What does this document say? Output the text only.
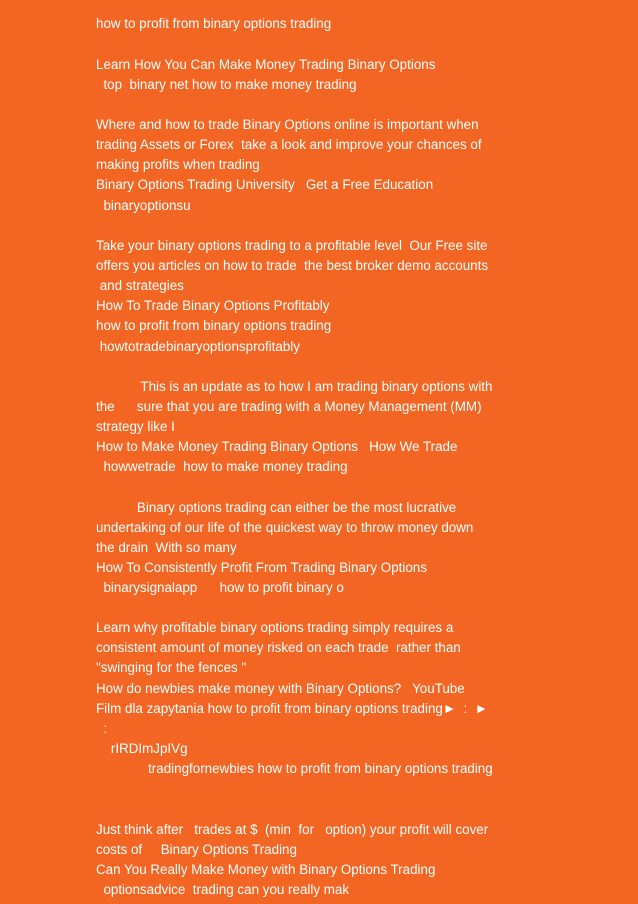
how to profit from binary options trading
Learn How You Can Make Money Trading Binary Options
top  binary net how to make money trading
Where and how to trade Binary Options online is important when
trading Assets or Forex  take a look and improve your chances of
making profits when trading
Binary Options Trading University   Get a Free Education
binaryoptionsu
Take your binary options trading to a profitable level  Our Free site
offers you articles on how to trade  the best broker demo accounts
and strategies
How To Trade Binary Options Profitably
how to profit from binary options trading
howtotradebinaryoptionsprofitably
This is an update as to how I am trading binary options with
the      sure that you are trading with a Money Management (MM)
strategy like I
How to Make Money Trading Binary Options   How We Trade
howwetrade  how to make money trading
Binary options trading can either be the most lucrative
undertaking of our life of the quickest way to throw money down
the drain  With so many
How To Consistently Profit From Trading Binary Options
binarysignalapp      how to profit binary o
Learn why profitable binary options trading simply requires a
consistent amount of money risked on each trade  rather than
"swinging for the fences "
How do newbies make money with Binary Options?   YouTube
Film dla zapytania how to profit from binary options trading►  :  ►
:
rIRDImJpIVg
tradingfornewbies how to profit from binary options trading
Just think after   trades at $  (min  for   option) your profit will cover
costs of     Binary Options Trading
Can You Really Make Money with Binary Options Trading
optionsadvice  trading can you really mak
